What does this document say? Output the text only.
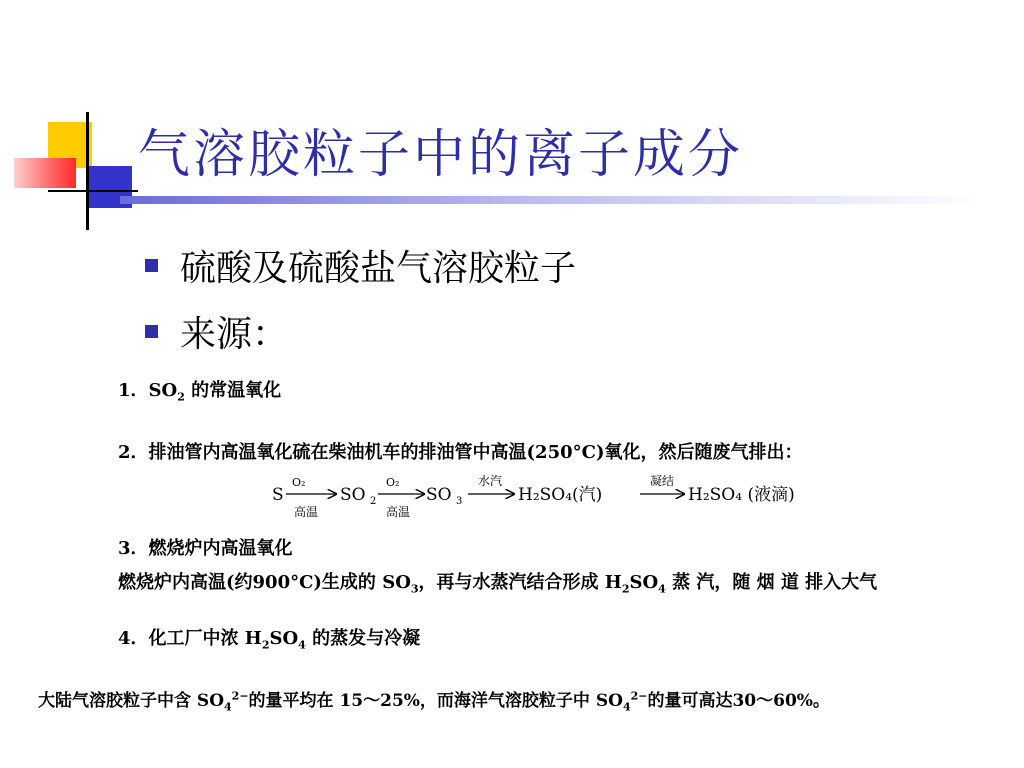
气溶胶粒子中的离子成分
硫酸及硫酸盐气溶胶粒子
来源：
1．$SO_2$ 的常温氧化
2．排油管内高温氧化硫在柴油机车的排油管中高温(250°C)氧化，然后随废气排出：
S
O₂
高温
SO 2
O₂
高温
SO 3
水汽
H₂SO₄(汽)
凝结
H₂SO₄ (液滴)
3．燃烧炉内高温氧化
燃烧炉内高温(约900°C)生成的 $SO_3$，再与水蒸汽结合形成 $H_2SO_4$ 蒸 汽，随 烟 道 排入大气
4．化工厂中浓 $H_2SO_4$ 的蒸发与冷凝
大陆气溶胶粒子中含 $SO_4^{2-}$的量平均在 15～25%，而海洋气溶胶粒子中 $SO_4^{2-}$的量可高达30～60%。
